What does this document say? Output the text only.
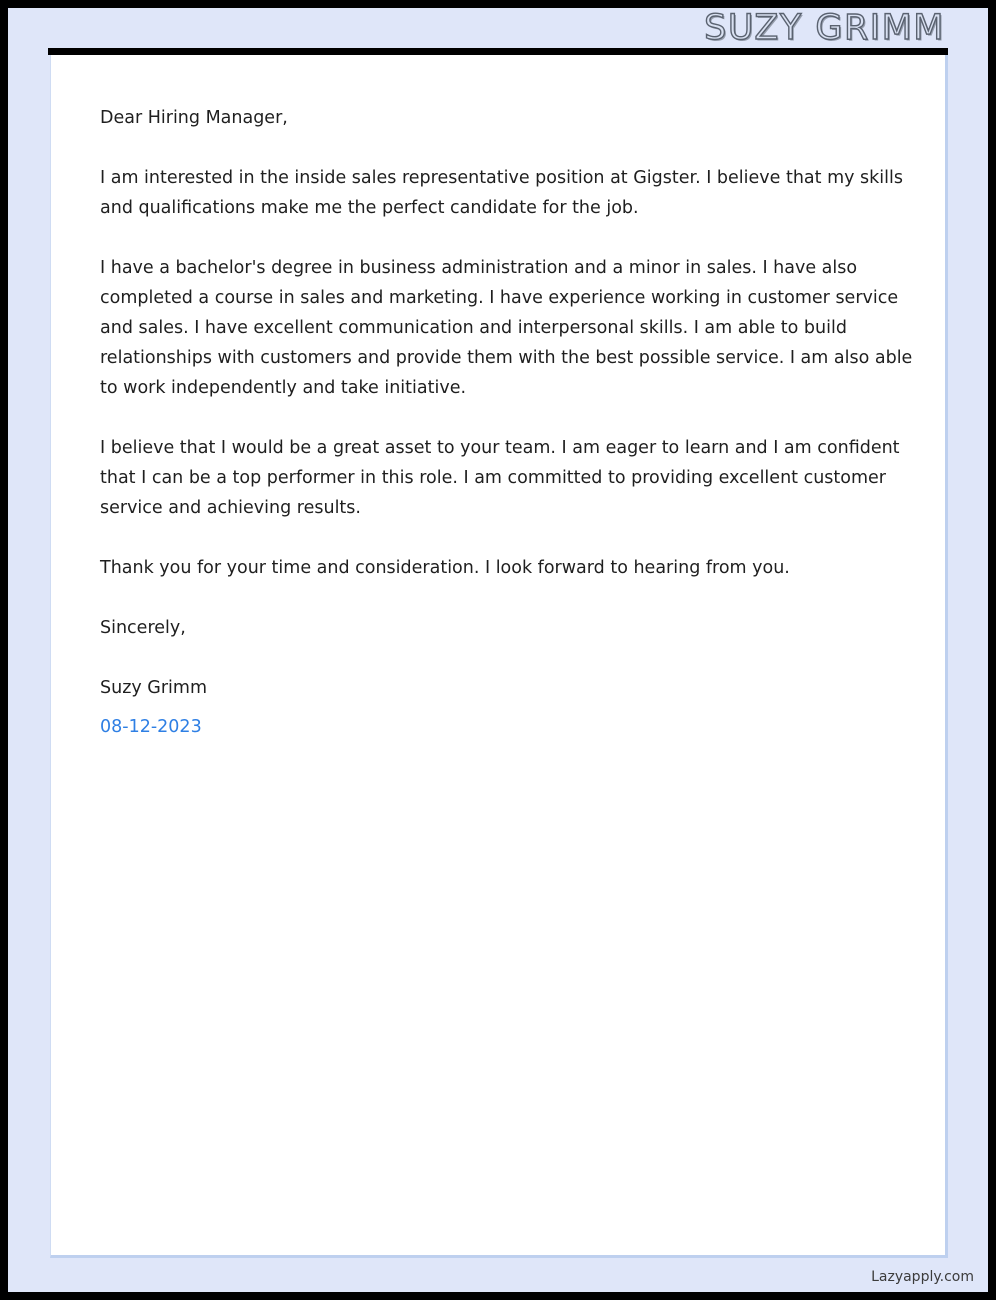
SUZY GRIMM

Dear Hiring Manager,

I am interested in the inside sales representative position at Gigster. I believe that my skills and qualifications make me the perfect candidate for the job.

I have a bachelor's degree in business administration and a minor in sales. I have also completed a course in sales and marketing. I have experience working in customer service and sales. I have excellent communication and interpersonal skills. I am able to build relationships with customers and provide them with the best possible service. I am also able to work independently and take initiative.

I believe that I would be a great asset to your team. I am eager to learn and I am confident that I can be a top performer in this role. I am committed to providing excellent customer service and achieving results.

Thank you for your time and consideration. I look forward to hearing from you.

Sincerely,

Suzy Grimm

08-12-2023

Lazyapply.com
